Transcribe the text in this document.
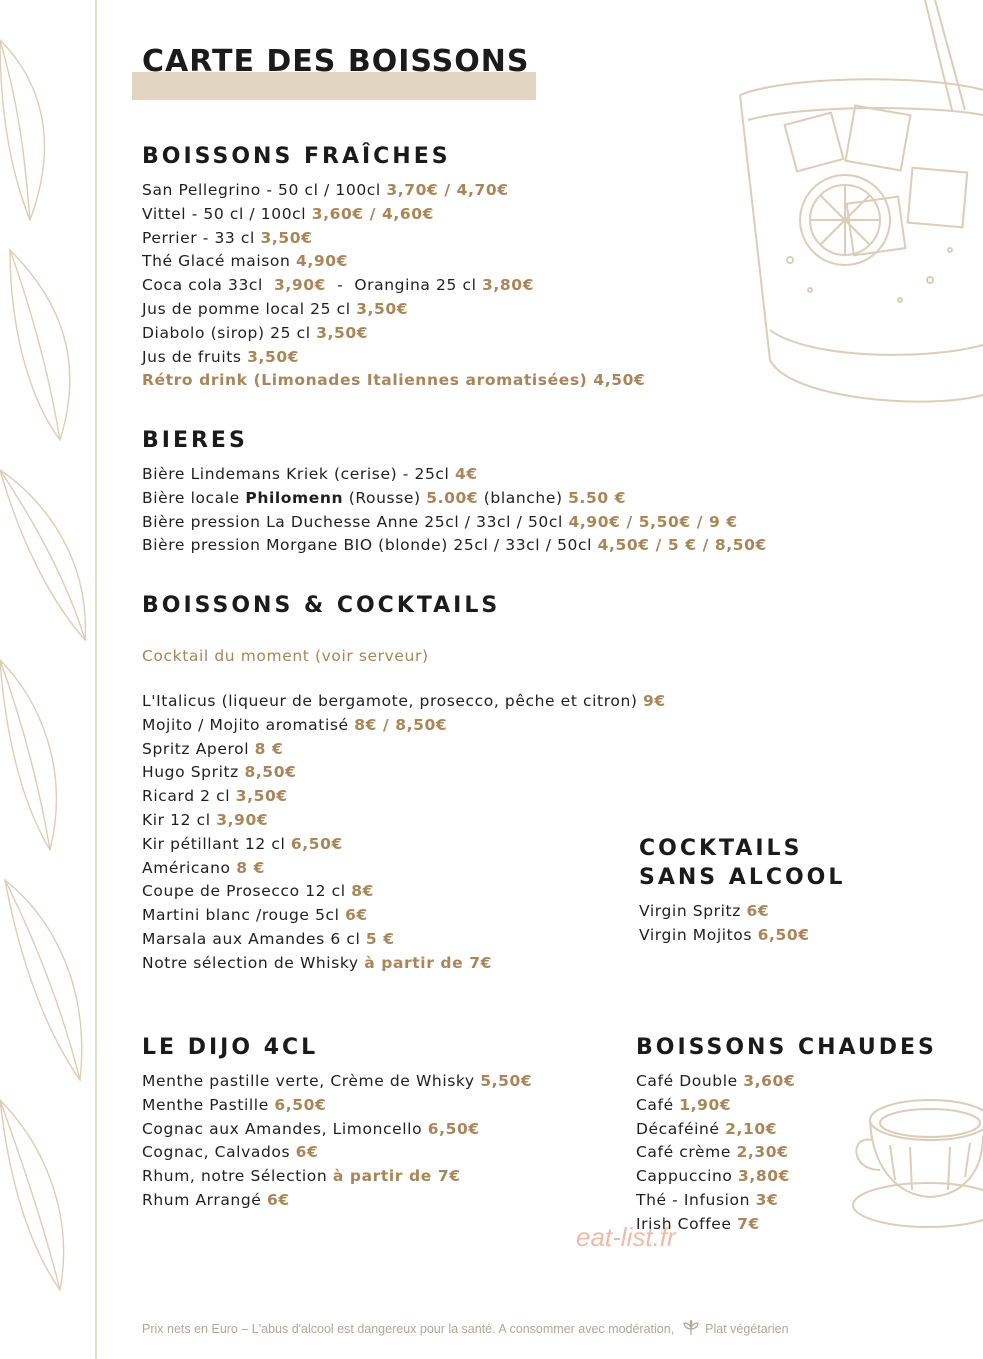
CARTE DES BOISSONS
BOISSONS FRAÎCHES
San Pellegrino - 50 cl / 100cl 3,70€ / 4,70€
Vittel - 50 cl / 100cl 3,60€ / 4,60€
Perrier - 33 cl 3,50€
Thé Glacé maison 4,90€
Coca cola 33cl 3,90€  -  Orangina 25 cl 3,80€
Jus de pomme local 25 cl 3,50€
Diabolo (sirop) 25 cl 3,50€
Jus de fruits 3,50€
Rétro drink (Limonades Italiennes aromatisées) 4,50€
BIERES
Bière Lindemans Kriek (cerise) - 25cl 4€
Bière locale Philomenn (Rousse) 5.00€ (blanche) 5.50 €
Bière pression La Duchesse Anne 25cl / 33cl / 50cl 4,90€ / 5,50€ / 9 €
Bière pression Morgane BIO (blonde) 25cl / 33cl / 50cl 4,50€ / 5 € / 8,50€
BOISSONS & COCKTAILS

Cocktail du moment (voir serveur)

L'Italicus (liqueur de bergamote, prosecco, pêche et citron) 9€
Mojito / Mojito aromatisé 8€ / 8,50€
Spritz Aperol 8 €
Hugo Spritz 8,50€
Ricard 2 cl 3,50€
Kir 12 cl 3,90€
Kir pétillant 12 cl 6,50€
Américano 8 €
Coupe de Prosecco 12 cl 8€
Martini blanc /rouge 5cl 6€
Marsala aux Amandes 6 cl 5 €
Notre sélection de Whisky à partir de 7€
COCKTAILS
SANS ALCOOL
Virgin Spritz 6€
Virgin Mojitos 6,50€
LE DIJO 4CL
Menthe pastille verte, Crème de Whisky 5,50€
Menthe Pastille 6,50€
Cognac aux Amandes, Limoncello 6,50€
Cognac, Calvados 6€
Rhum, notre Sélection à partir de 7€
Rhum Arrangé 6€
BOISSONS CHAUDES
Café Double 3,60€
Café 1,90€
Décaféiné 2,10€
Café crème 2,30€
Cappuccino 3,80€
Thé - Infusion 3€
Irish Coffee 7€
eat-list.fr
Prix nets en Euro – L'abus d'alcool est dangereux pour la santé. A consommer avec modération, Plat végétarien
